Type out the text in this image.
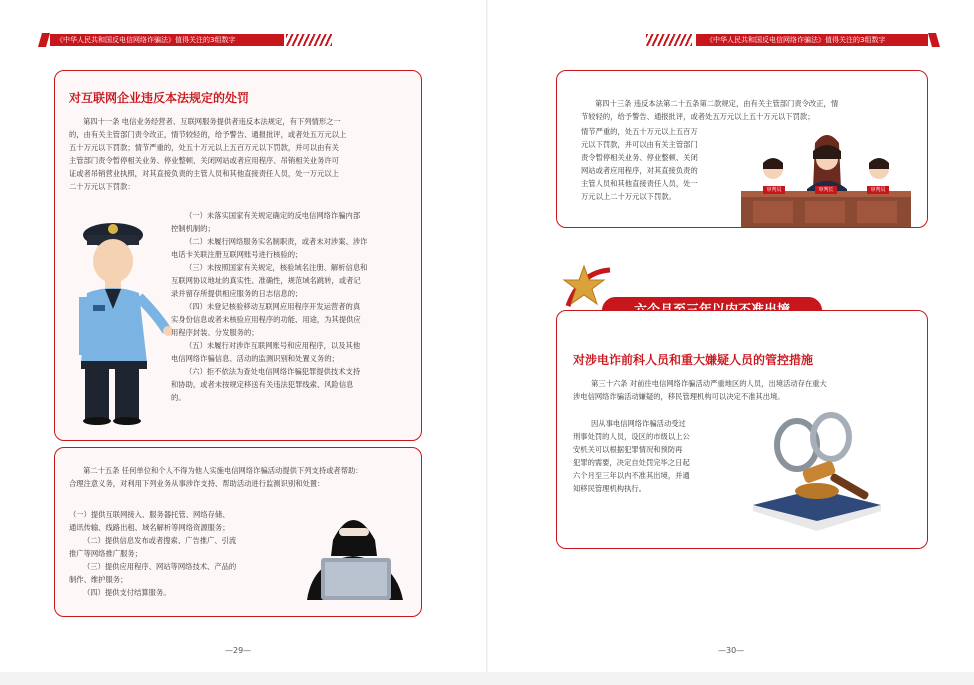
《中华人民共和国反电信网络诈骗法》值得关注的3组数字	《中华人民共和国反电信网络诈骗法》值得关注的3组数字
对互联网企业违反本法规定的处罚
第四十一条 电信业务经营者、互联网服务提供者违反本法规定，有下列情形之一
的，由有关主管部门责令改正，情节较轻的，给予警告、通报批评，或者处五万元以上
五十万元以下罚款；情节严重的，处五十万元以上五百万元以下罚款，并可以由有关
主管部门责令暂停相关业务、停业整顿、关闭网站或者应用程序、吊销相关业务许可
证或者吊销营业执照，对其直接负责的主管人员和其他直接责任人员，处一万元以上
二十万元以下罚款：
（一）未落实国家有关规定确定的反电信网络诈骗内部
控制机制的；
（二）未履行网络服务实名制职责，或者未对涉案、涉诈
电话卡关联注册互联网账号进行核验的；
（三）未按照国家有关规定，核验域名注册、解析信息和
互联网协议地址的真实性、准确性，规范域名跳转，或者记
录并留存所提供相应服务的日志信息的；
（四）未登记核验移动互联网应用程序开发运营者的真
实身份信息或者未核验应用程序的功能、用途，为其提供应
用程序封装、分发服务的；
（五）未履行对涉诈互联网账号和应用程序，以及其他
电信网络诈骗信息、活动的监测识别和处置义务的；
（六）拒不依法为查处电信网络诈骗犯罪提供技术支持
和协助，或者未按规定移送有关违法犯罪线索、风险信息
的。
第二十五条 任何单位和个人不得为他人实施电信网络诈骗活动提供下列支持或者帮助：
合理注意义务，对利用下列业务从事涉诈支持、帮助活动进行监测识别和处置：
（一）提供互联网接入、服务器托管、网络存储、
通讯传输、线路出租、域名解析等网络资源服务；
（二）提供信息发布或者搜索、广告推广、引流
推广等网络推广服务；
（三）提供应用程序、网站等网络技术、产品的
制作、维护服务；
（四）提供支付结算服务。
—29—
第四十三条 违反本法第二十五条第二款规定，由有关主管部门责令改正，情
节较轻的，给予警告、通报批评，或者处五万元以上五十万元以下罚款；
情节严重的，处五十万元以上五百万
元以下罚款，并可以由有关主管部门
责令暂停相关业务、停业整顿、关闭
网站或者应用程序，对其直接负责的
主管人员和其他直接责任人员，处一
万元以上二十万元以下罚款。
审判员	审判长	审判员
对涉电诈前科人员和重大嫌疑人员的管控措施
第三十六条 对前往电信网络诈骗活动严重地区的人员，出境活动存在重大
涉电信网络诈骗活动嫌疑的，移民管理机构可以决定不准其出境。
因从事电信网络诈骗活动受过
刑事处罚的人员，设区的市级以上公
安机关可以根据犯罪情况和预防再
犯罪的需要，决定自处罚完毕之日起
六个月至三年以内不准其出境，并通
知移民管理机构执行。
—30—
